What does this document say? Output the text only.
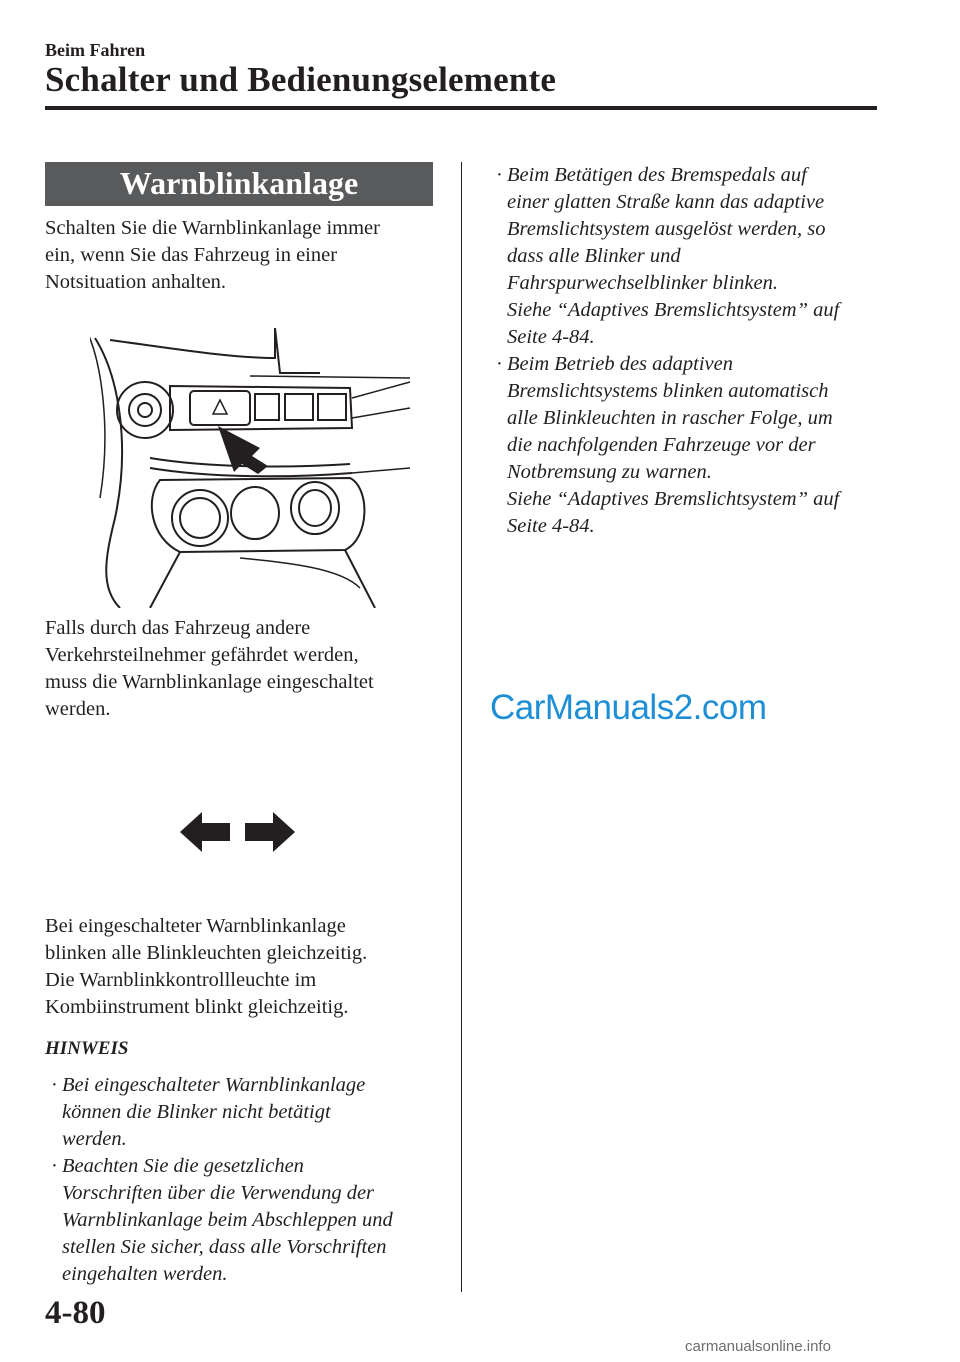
Beim Fahren
Schalter und Bedienungselemente
Warnblinkanlage

Schalten Sie die Warnblinkanlage immer
ein, wenn Sie das Fahrzeug in einer
Notsituation anhalten.

Falls durch das Fahrzeug andere
Verkehrsteilnehmer gefährdet werden,
muss die Warnblinkanlage eingeschaltet
werden.

Bei eingeschalteter Warnblinkanlage
blinken alle Blinkleuchten gleichzeitig.
Die Warnblinkkontrollleuchte im
Kombiinstrument blinkt gleichzeitig.

HINWEIS
· Bei eingeschalteter Warnblinkanlage
können die Blinker nicht betätigt
werden.
· Beachten Sie die gesetzlichen
Vorschriften über die Verwendung der
Warnblinkanlage beim Abschleppen und
stellen Sie sicher, dass alle Vorschriften
eingehalten werden.
· Beim Betätigen des Bremspedals auf
einer glatten Straße kann das adaptive
Bremslichtsystem ausgelöst werden, so
dass alle Blinker und
Fahrspurwechselblinker blinken.
Siehe “Adaptives Bremslichtsystem” auf
Seite 4-84.
· Beim Betrieb des adaptiven
Bremslichtsystems blinken automatisch
alle Blinkleuchten in rascher Folge, um
die nachfolgenden Fahrzeuge vor der
Notbremsung zu warnen.
Siehe “Adaptives Bremslichtsystem” auf
Seite 4-84.
CarManuals2.com
4-80
carmanualsonline.info
